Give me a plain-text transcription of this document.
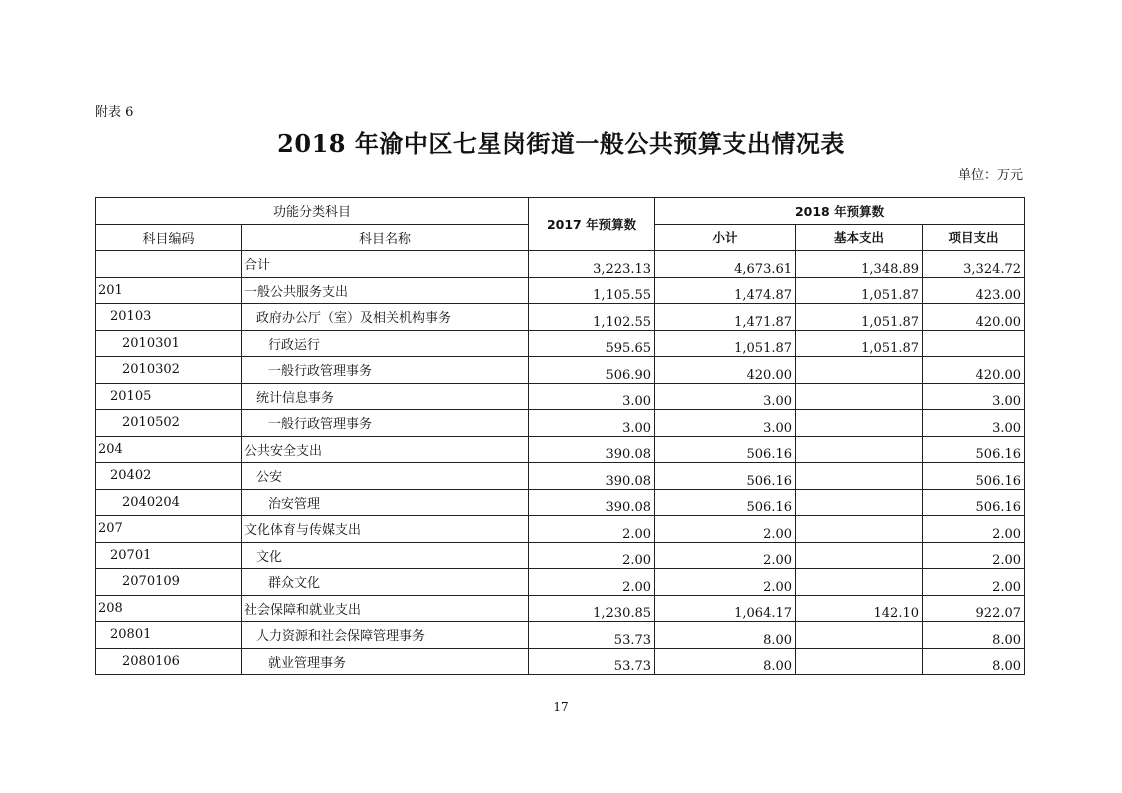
附表 6
2018 年渝中区七星岗街道一般公共预算支出情况表
单位：万元
功能分类科目		2017 年预算数	2018 年预算数		
科目编码	科目名称		小计	基本支出	项目支出
	合计	3,223.13	4,673.61	1,348.89	3,324.72
201	一般公共服务支出	1,105.55	1,474.87	1,051.87	423.00
20103	政府办公厅（室）及相关机构事务	1,102.55	1,471.87	1,051.87	420.00
2010301	行政运行	595.65	1,051.87	1,051.87	
2010302	一般行政管理事务	506.90	420.00		420.00
20105	统计信息事务	3.00	3.00		3.00
2010502	一般行政管理事务	3.00	3.00		3.00
204	公共安全支出	390.08	506.16		506.16
20402	公安	390.08	506.16		506.16
2040204	治安管理	390.08	506.16		506.16
207	文化体育与传媒支出	2.00	2.00		2.00
20701	文化	2.00	2.00		2.00
2070109	群众文化	2.00	2.00		2.00
208	社会保障和就业支出	1,230.85	1,064.17	142.10	922.07
20801	人力资源和社会保障管理事务	53.73	8.00		8.00
2080106	就业管理事务	53.73	8.00		8.00
17
